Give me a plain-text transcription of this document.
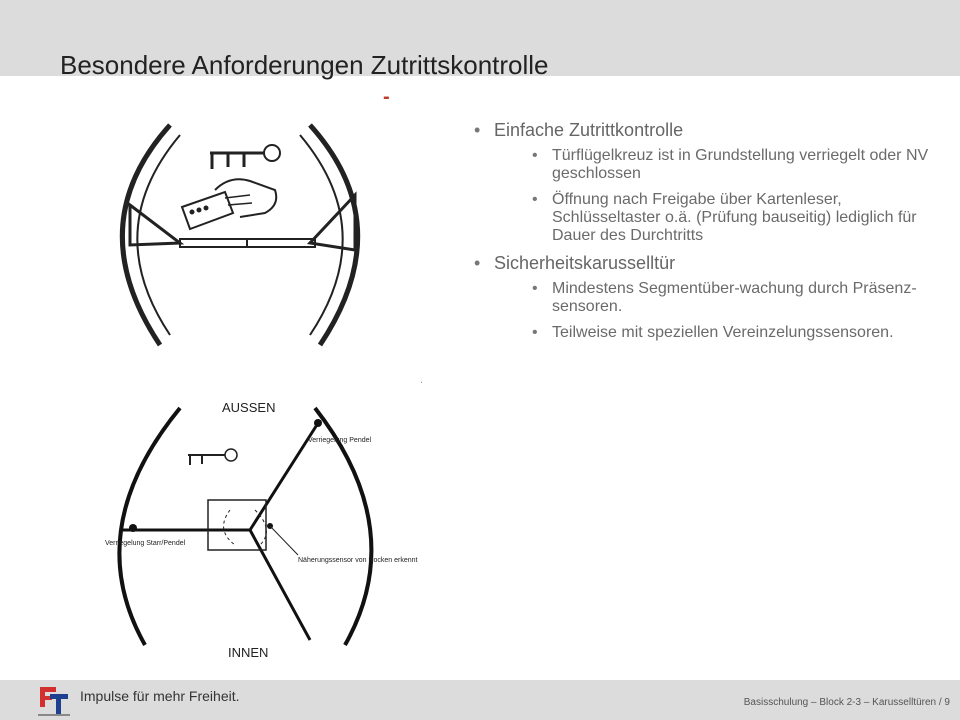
Besondere Anforderungen Zutrittskontrolle
-
.
AUSSEN
INNEN
Verriegelung Pendel
Verriegelung Starr/Pendel
Näherungssensor von Nocken erkennt
• Einfache Zutrittkontrolle
• Türflügelkreuz ist in Grundstellung verriegelt oder NV geschlossen
• Öffnung nach Freigabe über Kartenleser, Schlüsseltaster o.ä. (Prüfung bauseitig) lediglich für Dauer des Durchtritts
• Sicherheitskarusselltür
• Mindestens Segmentüber-wachung durch Präsenz-sensoren.
• Teilweise mit speziellen Vereinzelungssensoren.
Impulse für mehr Freiheit.	Basisschulung – Block 2-3 – Karusselltüren / 9
